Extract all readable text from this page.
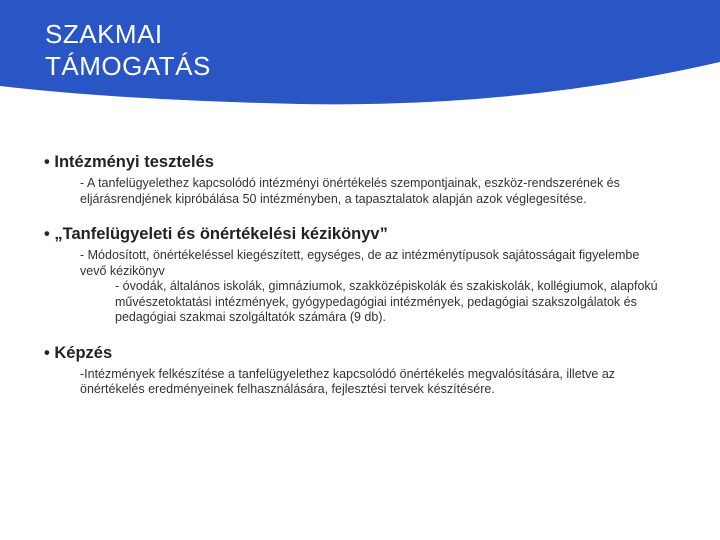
SZAKMAI
TÁMOGATÁS

• Intézményi tesztelés

- A tanfelügyelethez kapcsolódó intézményi önértékelés szempontjainak, eszköz-rendszerének és eljárásrendjének kipróbálása 50 intézményben, a tapasztalatok alapján azok véglegesítése.

• „Tanfelügyeleti és önértékelési kézikönyv”

- Módosított, önértékeléssel kiegészített, egységes, de az intézménytípusok sajátosságait figyelembe vevő kézikönyv
- óvodák, általános iskolák, gimnáziumok, szakközépiskolák és szakiskolák, kollégiumok, alapfokú művészetoktatási intézmények, gyógypedagógiai intézmények, pedagógiai szakszolgálatok és pedagógiai szakmai szolgáltatók számára (9 db).

• Képzés

-Intézmények felkészítése a tanfelügyelethez kapcsolódó önértékelés megvalósítására, illetve az önértékelés eredményeinek felhasználására, fejlesztési tervek készítésére.
